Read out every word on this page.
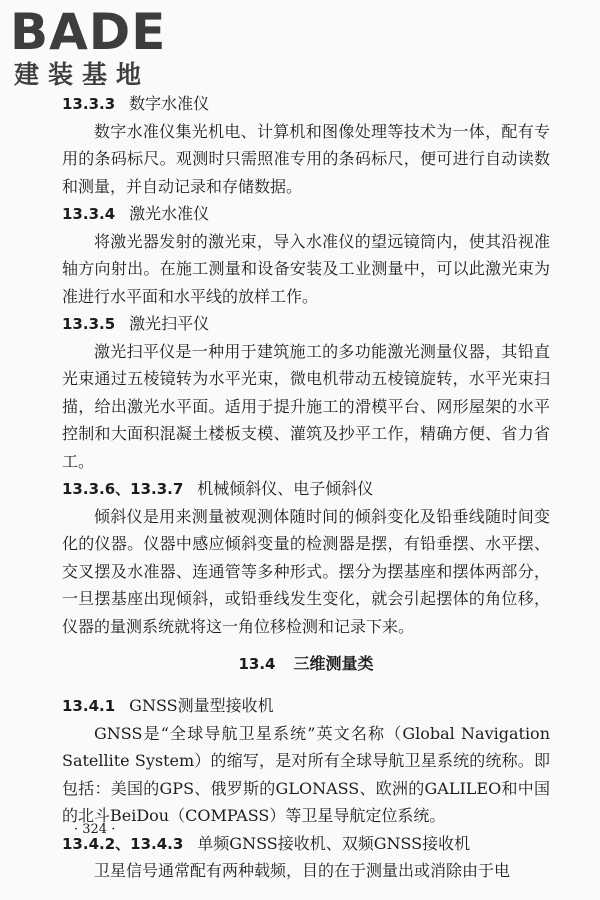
BADE
建装基地
13.3.3 数字水准仪

数字水准仪集光机电、计算机和图像处理等技术为一体，配有专用的条码标尺。观测时只需照准专用的条码标尺，便可进行自动读数和测量，并自动记录和存储数据。

13.3.4 激光水准仪

将激光器发射的激光束，导入水准仪的望远镜筒内，使其沿视准轴方向射出。在施工测量和设备安装及工业测量中，可以此激光束为准进行水平面和水平线的放样工作。

13.3.5 激光扫平仪

激光扫平仪是一种用于建筑施工的多功能激光测量仪器，其铅直光束通过五棱镜转为水平光束，微电机带动五棱镜旋转，水平光束扫描，给出激光水平面。适用于提升施工的滑模平台、网形屋架的水平控制和大面积混凝土楼板支模、灌筑及抄平工作，精确方便、省力省工。

13.3.6、13.3.7 机械倾斜仪、电子倾斜仪

倾斜仪是用来测量被观测体随时间的倾斜变化及铅垂线随时间变化的仪器。仪器中感应倾斜变量的检测器是摆，有铅垂摆、水平摆、交叉摆及水准器、连通管等多种形式。摆分为摆基座和摆体两部分，一旦摆基座出现倾斜，或铅垂线发生变化，就会引起摆体的角位移，仪器的量测系统就将这一角位移检测和记录下来。

13.4 三维测量类
13.4.1 GNSS测量型接收机

GNSS是“全球导航卫星系统”英文名称（Global Navigation Satellite System）的缩写，是对所有全球导航卫星系统的统称。即包括：美国的GPS、俄罗斯的GLONASS、欧洲的GALILEO和中国的北斗BeiDou（COMPASS）等卫星导航定位系统。

13.4.2、13.4.3 单频GNSS接收机、双频GNSS接收机

卫星信号通常配有两种载频，目的在于测量出或消除由于电

· 324 ·
